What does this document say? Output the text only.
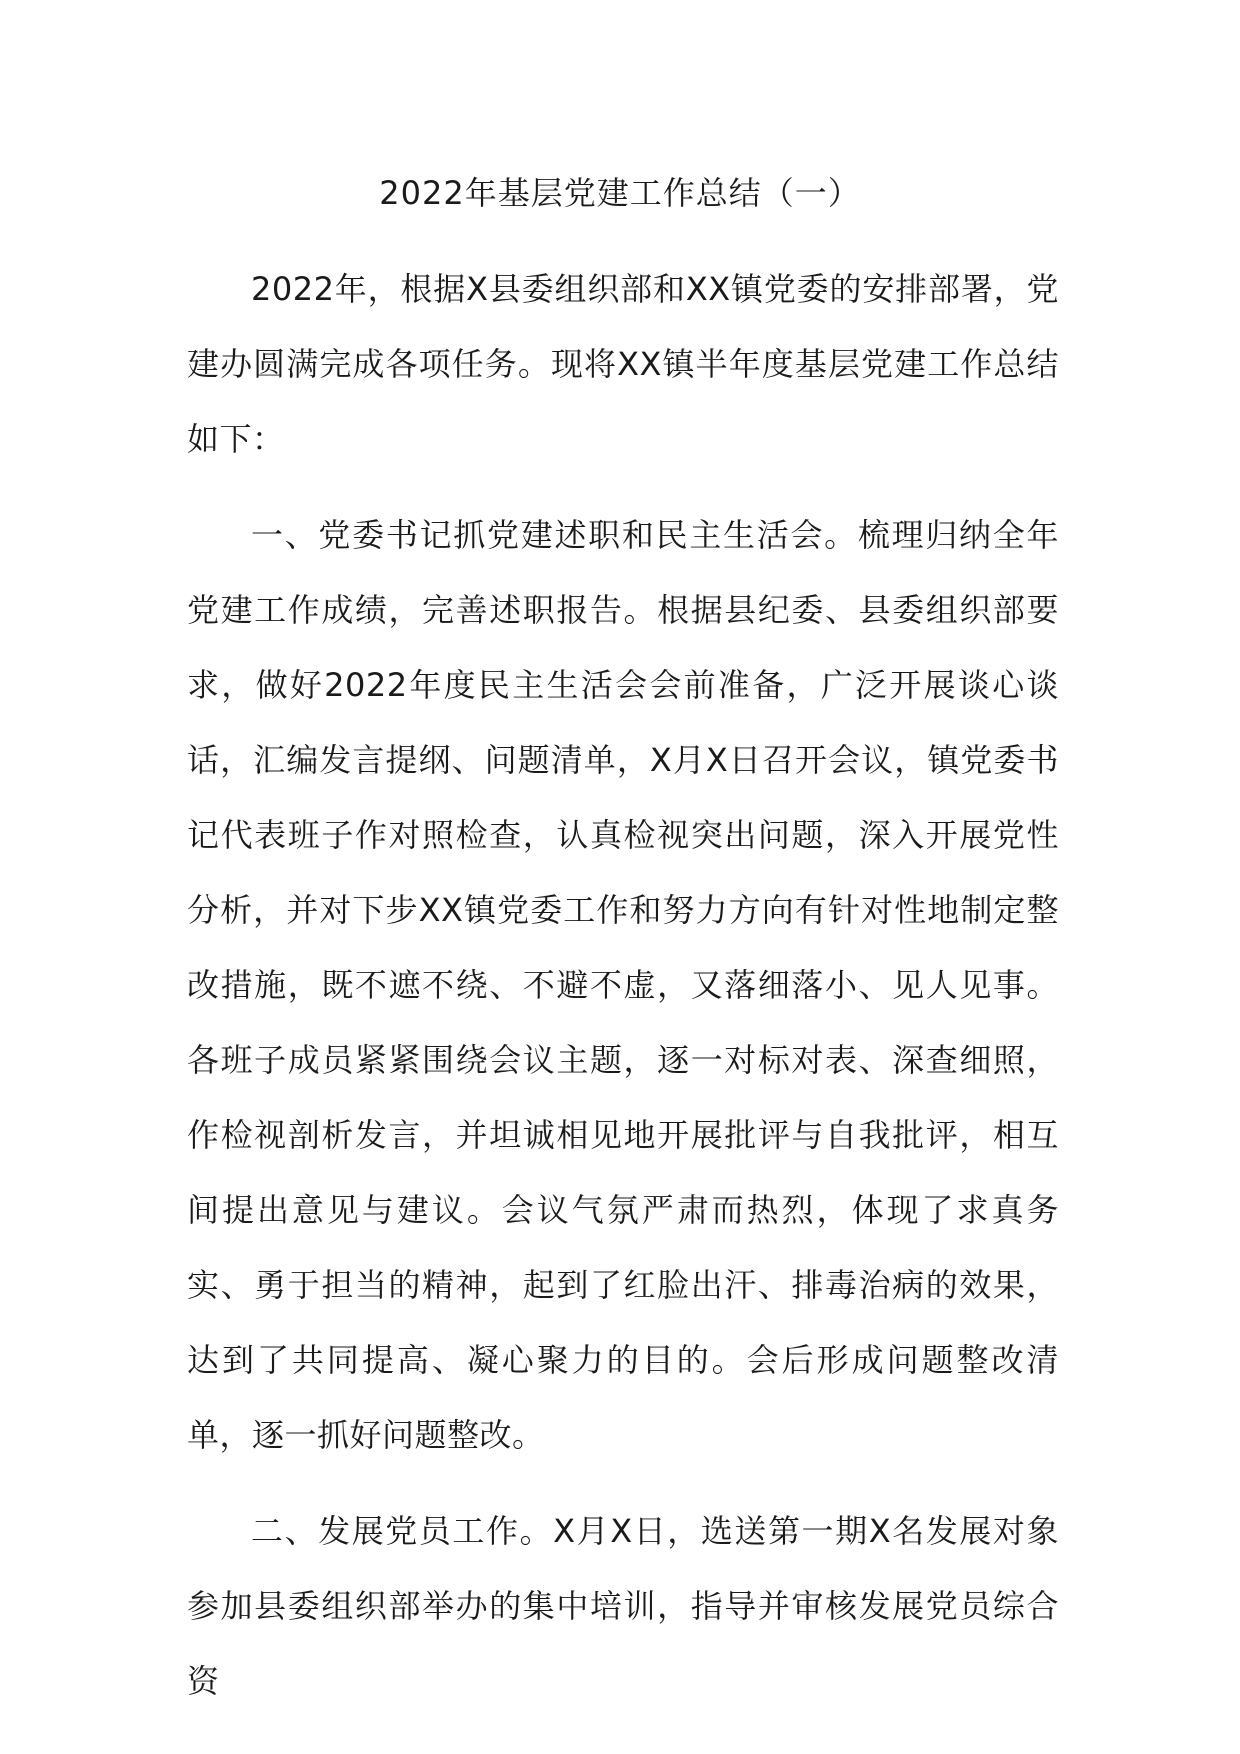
2022年基层党建工作总结（一）

2022年，根据X县委组织部和XX镇党委的安排部署，党建办圆满完成各项任务。现将XX镇半年度基层党建工作总结如下：

一、党委书记抓党建述职和民主生活会。梳理归纳全年党建工作成绩，完善述职报告。根据县纪委、县委组织部要求，做好2022年度民主生活会会前准备，广泛开展谈心谈话，汇编发言提纲、问题清单，X月X日召开会议，镇党委书记代表班子作对照检查，认真检视突出问题，深入开展党性分析，并对下步XX镇党委工作和努力方向有针对性地制定整改措施，既不遮不绕、不避不虚，又落细落小、见人见事。各班子成员紧紧围绕会议主题，逐一对标对表、深查细照，作检视剖析发言，并坦诚相见地开展批评与自我批评，相互间提出意见与建议。会议气氛严肃而热烈，体现了求真务实、勇于担当的精神，起到了红脸出汗、排毒治病的效果，达到了共同提高、凝心聚力的目的。会后形成问题整改清单，逐一抓好问题整改。

二、发展党员工作。X月X日，选送第一期X名发展对象参加县委组织部举办的集中培训，指导并审核发展党员综合资
